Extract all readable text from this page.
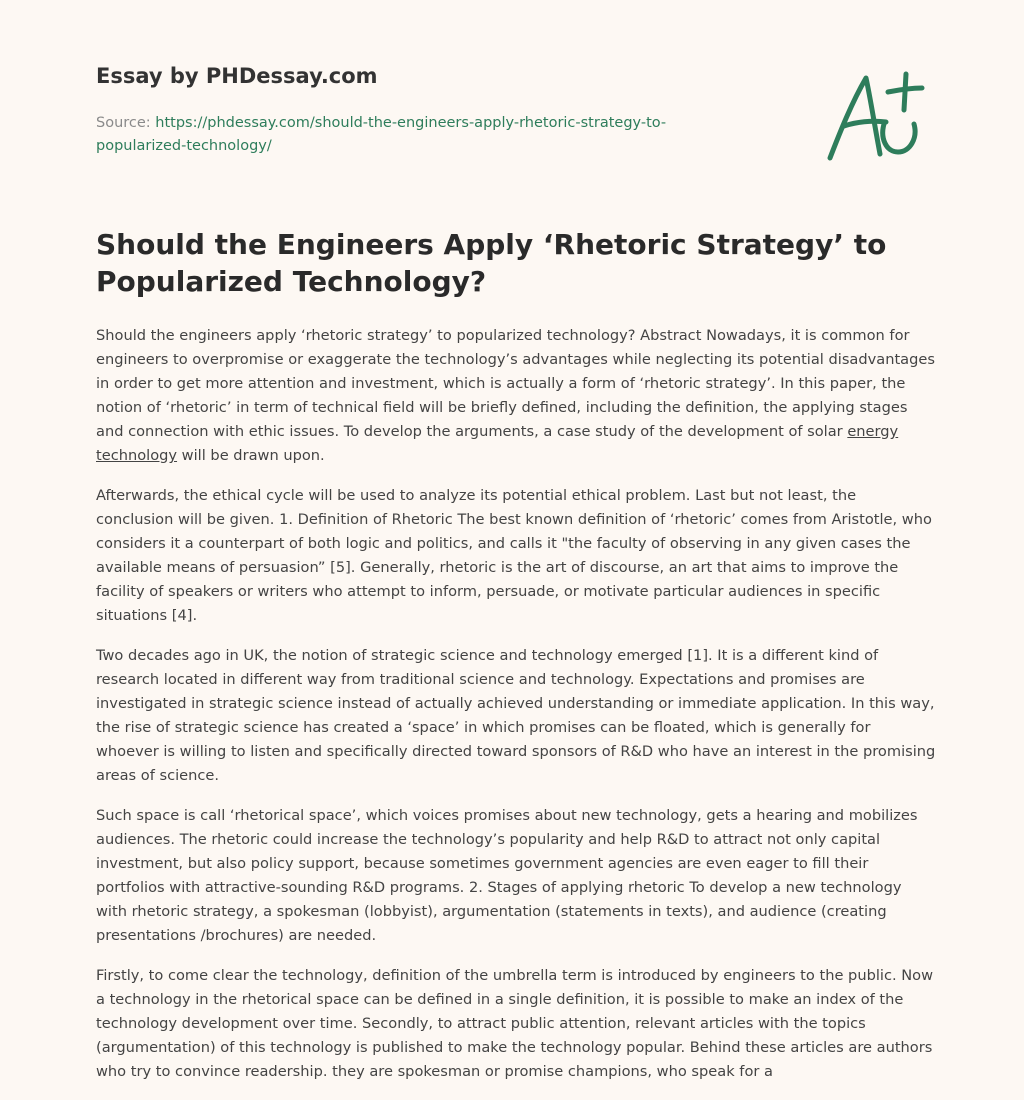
Essay by PHDessay.com
Source: https://phdessay.com/should-the-engineers-apply-rhetoric-strategy-to-
popularized-technology/
Should the Engineers Apply ‘Rhetoric Strategy’ to Popularized Technology?

Should the engineers apply ‘rhetoric strategy’ to popularized technology? Abstract Nowadays, it is common for engineers to overpromise or exaggerate the technology’s advantages while neglecting its potential disadvantages in order to get more attention and investment, which is actually a form of ‘rhetoric strategy’. In this paper, the notion of ‘rhetoric’ in term of technical field will be briefly defined, including the definition, the applying stages and connection with ethic issues. To develop the arguments, a case study of the development of solar energy technology will be drawn upon.

Afterwards, the ethical cycle will be used to analyze its potential ethical problem. Last but not least, the conclusion will be given. 1. Definition of Rhetoric The best known definition of ‘rhetoric’ comes from Aristotle, who considers it a counterpart of both logic and politics, and calls it "the faculty of observing in any given cases the available means of persuasion” [5]. Generally, rhetoric is the art of discourse, an art that aims to improve the facility of speakers or writers who attempt to inform, persuade, or motivate particular audiences in specific situations [4].

Two decades ago in UK, the notion of strategic science and technology emerged [1]. It is a different kind of research located in different way from traditional science and technology. Expectations and promises are investigated in strategic science instead of actually achieved understanding or immediate application. In this way, the rise of strategic science has created a ‘space’ in which promises can be floated, which is generally for whoever is willing to listen and specifically directed toward sponsors of R&D who have an interest in the promising areas of science.

Such space is call ‘rhetorical space’, which voices promises about new technology, gets a hearing and mobilizes audiences. The rhetoric could increase the technology’s popularity and help R&D to attract not only capital investment, but also policy support, because sometimes government agencies are even eager to fill their portfolios with attractive-sounding R&D programs. 2. Stages of applying rhetoric To develop a new technology with rhetoric strategy, a spokesman (lobbyist), argumentation (statements in texts), and audience (creating presentations /brochures) are needed.

Firstly, to come clear the technology, definition of the umbrella term is introduced by engineers to the public. Now a technology in the rhetorical space can be defined in a single definition, it is possible to make an index of the technology development over time. Secondly, to attract public attention, relevant articles with the topics (argumentation) of this technology is published to make the technology popular. Behind these articles are authors who try to convince readership. they are spokesman or promise champions, who speak for a
